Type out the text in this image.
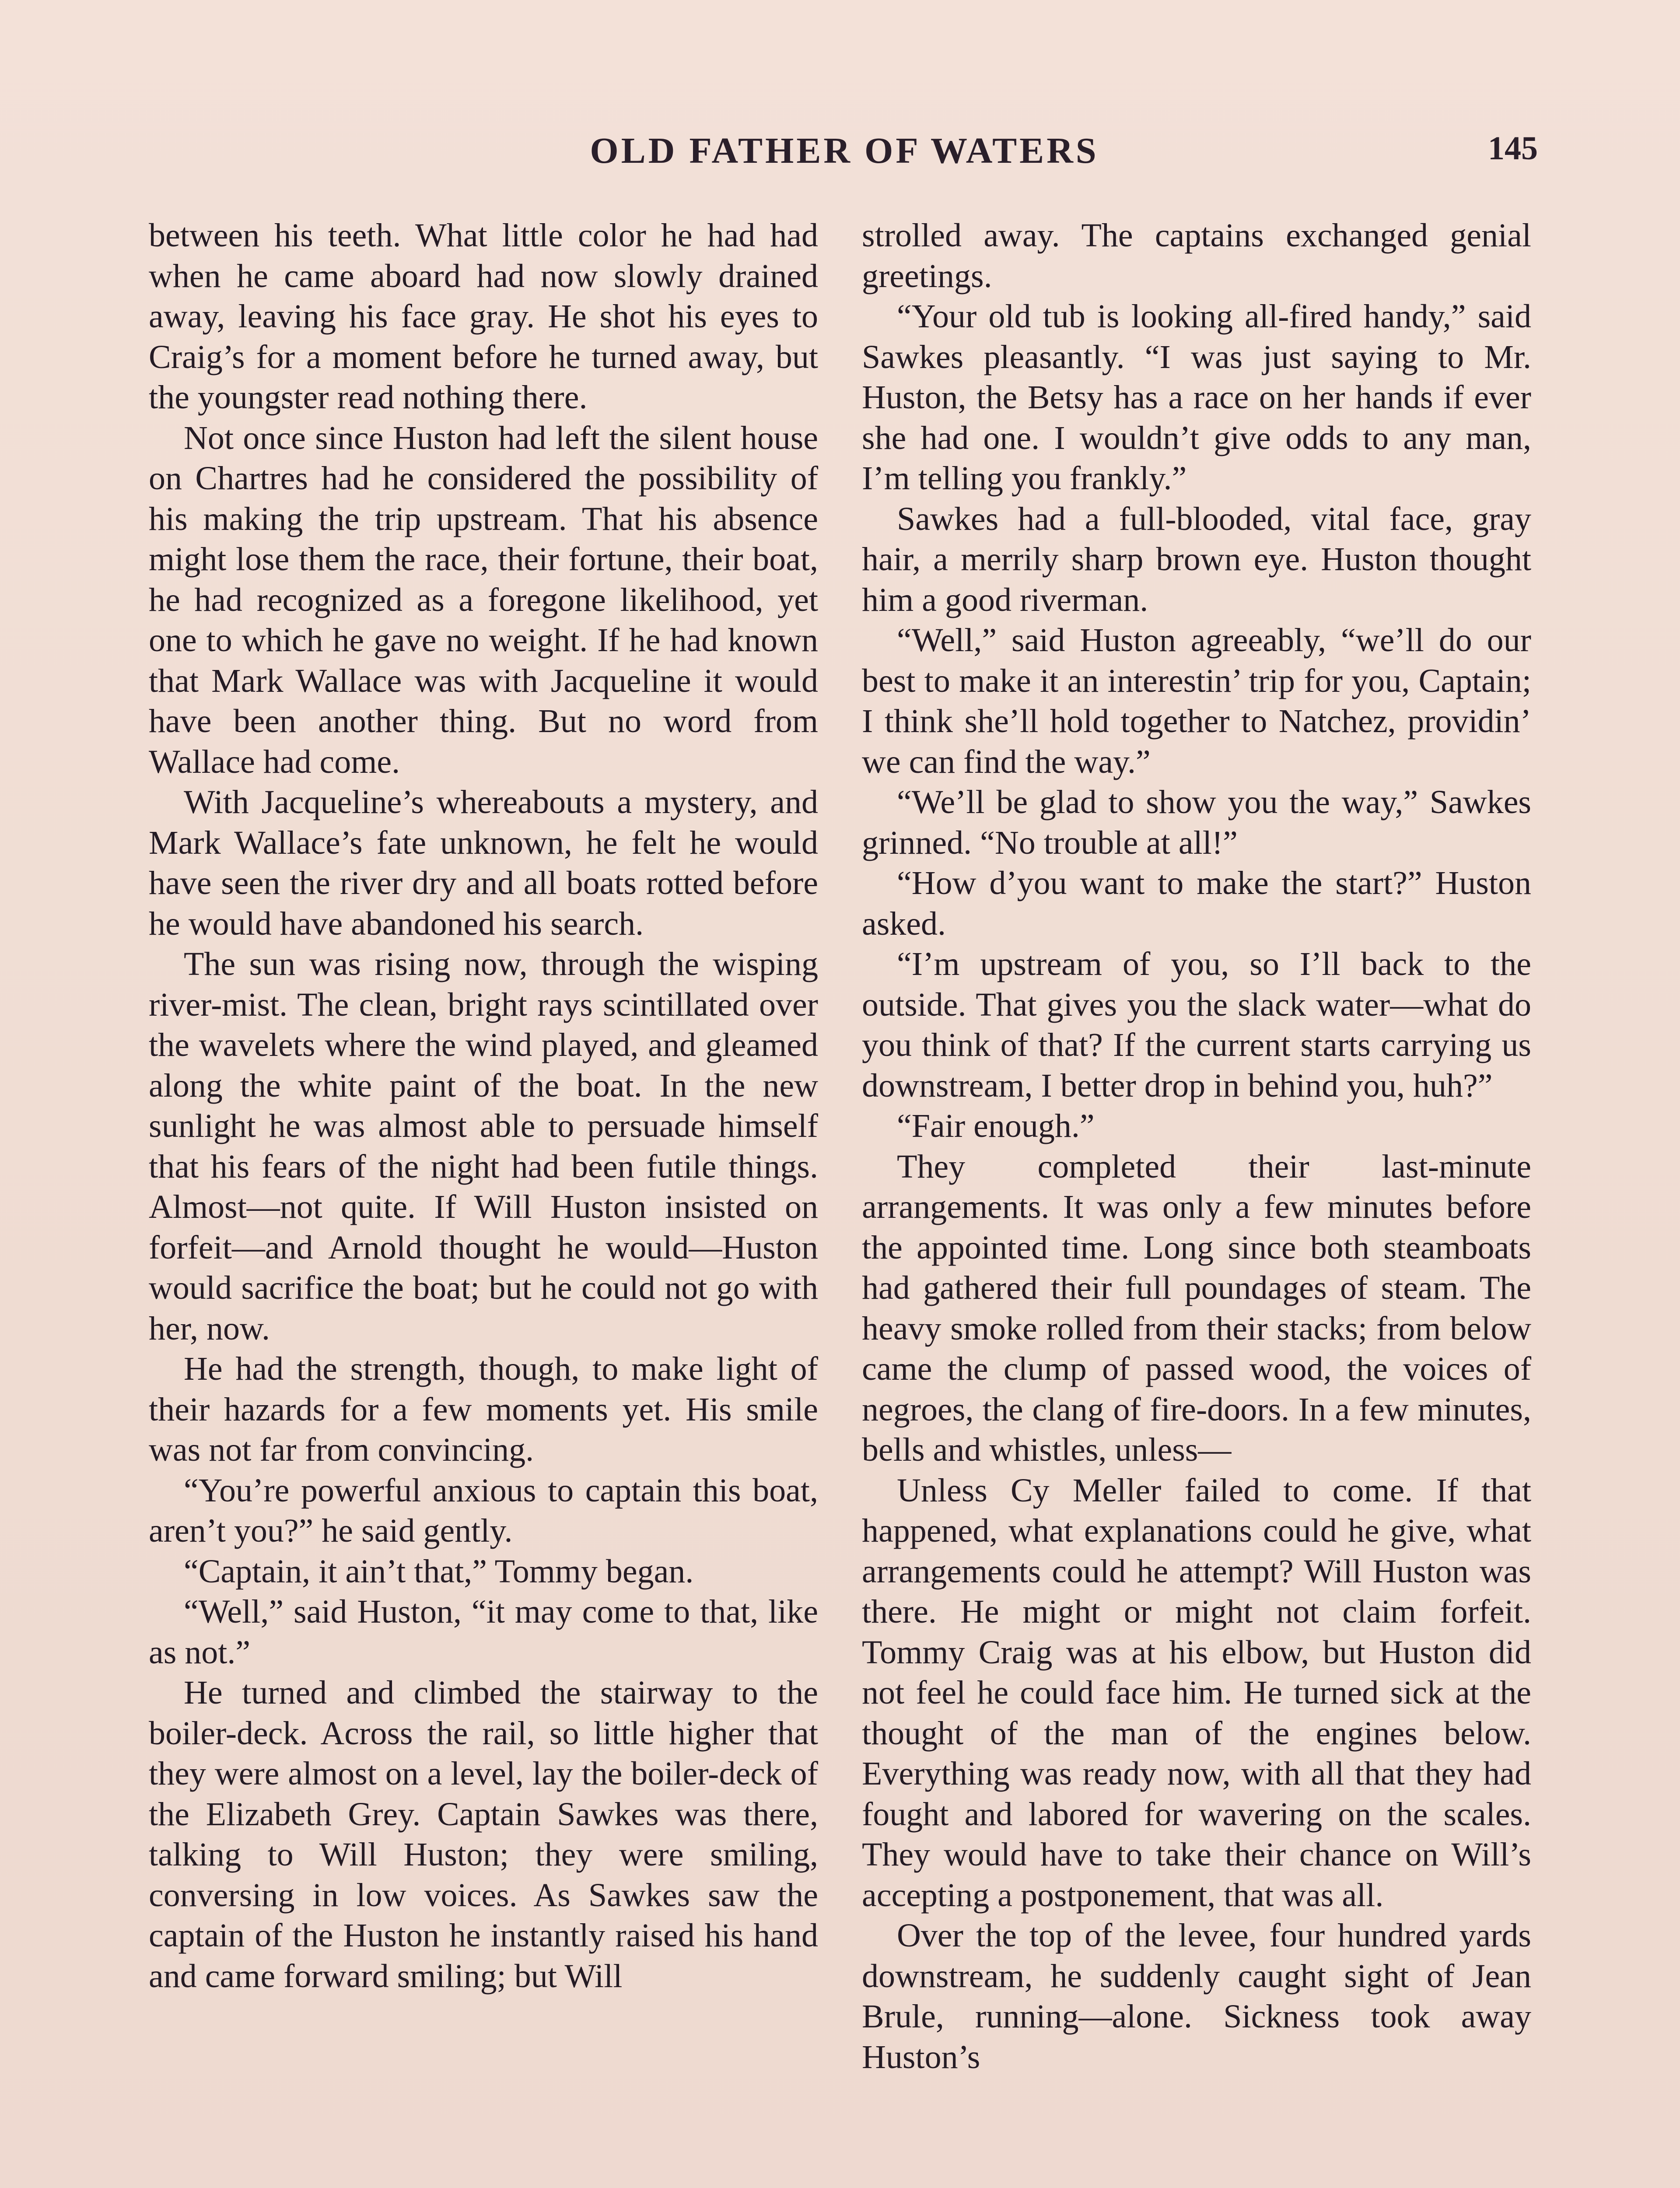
OLD FATHER OF WATERS	145

between his teeth. What little color he had had when he came aboard had now slowly drained away, leaving his face gray. He shot his eyes to Craig’s for a moment before he turned away, but the youngster read nothing there.

Not once since Huston had left the silent house on Chartres had he considered the possibility of his making the trip upstream. That his absence might lose them the race, their fortune, their boat, he had recognized as a foregone likelihood, yet one to which he gave no weight. If he had known that Mark Wallace was with Jacqueline it would have been another thing. But no word from Wallace had come.

With Jacqueline’s whereabouts a mystery, and Mark Wallace’s fate unknown, he felt he would have seen the river dry and all boats rotted before he would have abandoned his search.

The sun was rising now, through the wisping river-mist. The clean, bright rays scintillated over the wavelets where the wind played, and gleamed along the white paint of the boat. In the new sunlight he was almost able to persuade himself that his fears of the night had been futile things. Almost—not quite. If Will Huston insisted on forfeit—and Arnold thought he would—Huston would sacrifice the boat; but he could not go with her, now.

He had the strength, though, to make light of their hazards for a few moments yet. His smile was not far from convincing.

“You’re powerful anxious to captain this boat, aren’t you?” he said gently.

“Captain, it ain’t that,” Tommy began.

“Well,” said Huston, “it may come to that, like as not.”

He turned and climbed the stairway to the boiler-deck. Across the rail, so little higher that they were almost on a level, lay the boiler-deck of the Elizabeth Grey. Captain Sawkes was there, talking to Will Huston; they were smiling, conversing in low voices. As Sawkes saw the captain of the Huston he instantly raised his hand and came forward smiling; but Will

strolled away. The captains exchanged genial greetings.

“Your old tub is looking all-fired handy,” said Sawkes pleasantly. “I was just saying to Mr. Huston, the Betsy has a race on her hands if ever she had one. I wouldn’t give odds to any man, I’m telling you frankly.”

Sawkes had a full-blooded, vital face, gray hair, a merrily sharp brown eye. Huston thought him a good riverman.

“Well,” said Huston agreeably, “we’ll do our best to make it an interestin’ trip for you, Captain; I think she’ll hold together to Natchez, providin’ we can find the way.”

“We’ll be glad to show you the way,” Sawkes grinned. “No trouble at all!”

“How d’you want to make the start?” Huston asked.

“I’m upstream of you, so I’ll back to the outside. That gives you the slack water—what do you think of that? If the current starts carrying us downstream, I better drop in behind you, huh?”

“Fair enough.”

They completed their last-minute arrangements. It was only a few minutes before the appointed time. Long since both steamboats had gathered their full poundages of steam. The heavy smoke rolled from their stacks; from below came the clump of passed wood, the voices of negroes, the clang of fire-doors. In a few minutes, bells and whistles, unless—

Unless Cy Meller failed to come. If that happened, what explanations could he give, what arrangements could he attempt? Will Huston was there. He might or might not claim forfeit. Tommy Craig was at his elbow, but Huston did not feel he could face him. He turned sick at the thought of the man of the engines below. Everything was ready now, with all that they had fought and labored for wavering on the scales. They would have to take their chance on Will’s accepting a postponement, that was all.

Over the top of the levee, four hundred yards downstream, he suddenly caught sight of Jean Brule, running—alone. Sickness took away Huston’s
